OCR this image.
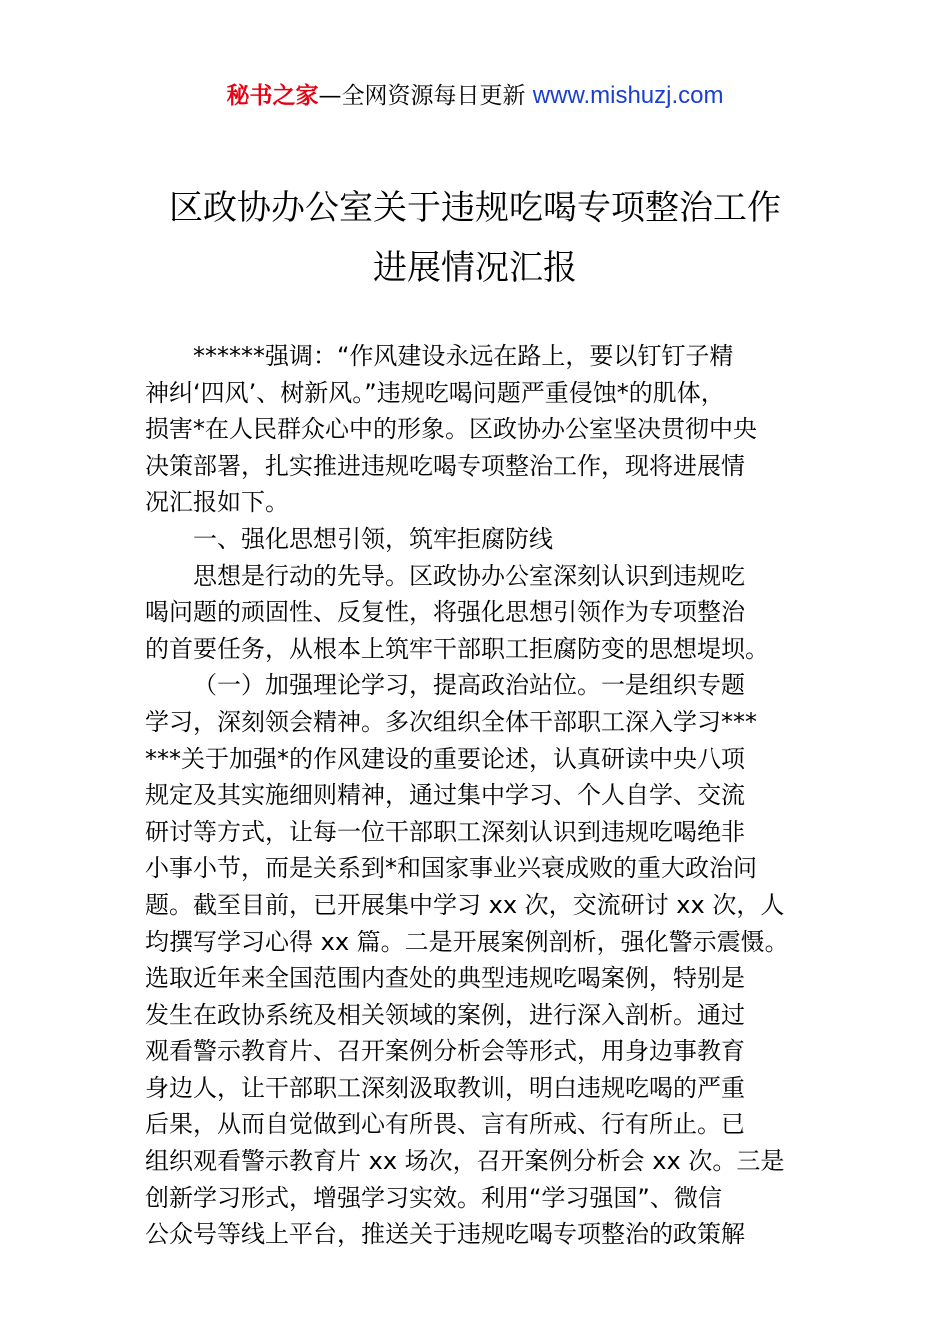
秘书之家—全网资源每日更新 www.mishuzj.com
区政协办公室关于违规吃喝专项整治工作
进展情况汇报
******强调：“作风建设永远在路上，要以钉钉子精
神纠‘四风’、树新风。”违规吃喝问题严重侵蚀*的肌体，
损害*在人民群众心中的形象。区政协办公室坚决贯彻中央
决策部署，扎实推进违规吃喝专项整治工作，现将进展情
况汇报如下。
一、强化思想引领，筑牢拒腐防线
思想是行动的先导。区政协办公室深刻认识到违规吃
喝问题的顽固性、反复性，将强化思想引领作为专项整治
的首要任务，从根本上筑牢干部职工拒腐防变的思想堤坝。
（一）加强理论学习，提高政治站位。一是组织专题
学习，深刻领会精神。多次组织全体干部职工深入学习***
***关于加强*的作风建设的重要论述，认真研读中央八项
规定及其实施细则精神，通过集中学习、个人自学、交流
研讨等方式，让每一位干部职工深刻认识到违规吃喝绝非
小事小节，而是关系到*和国家事业兴衰成败的重大政治问
题。截至目前，已开展集中学习 xx 次，交流研讨 xx 次，人
均撰写学习心得 xx 篇。二是开展案例剖析，强化警示震慑。
选取近年来全国范围内查处的典型违规吃喝案例，特别是
发生在政协系统及相关领域的案例，进行深入剖析。通过
观看警示教育片、召开案例分析会等形式，用身边事教育
身边人，让干部职工深刻汲取教训，明白违规吃喝的严重
后果，从而自觉做到心有所畏、言有所戒、行有所止。已
组织观看警示教育片 xx 场次，召开案例分析会 xx 次。三是
创新学习形式，增强学习实效。利用“学习强国”、微信
公众号等线上平台，推送关于违规吃喝专项整治的政策解
